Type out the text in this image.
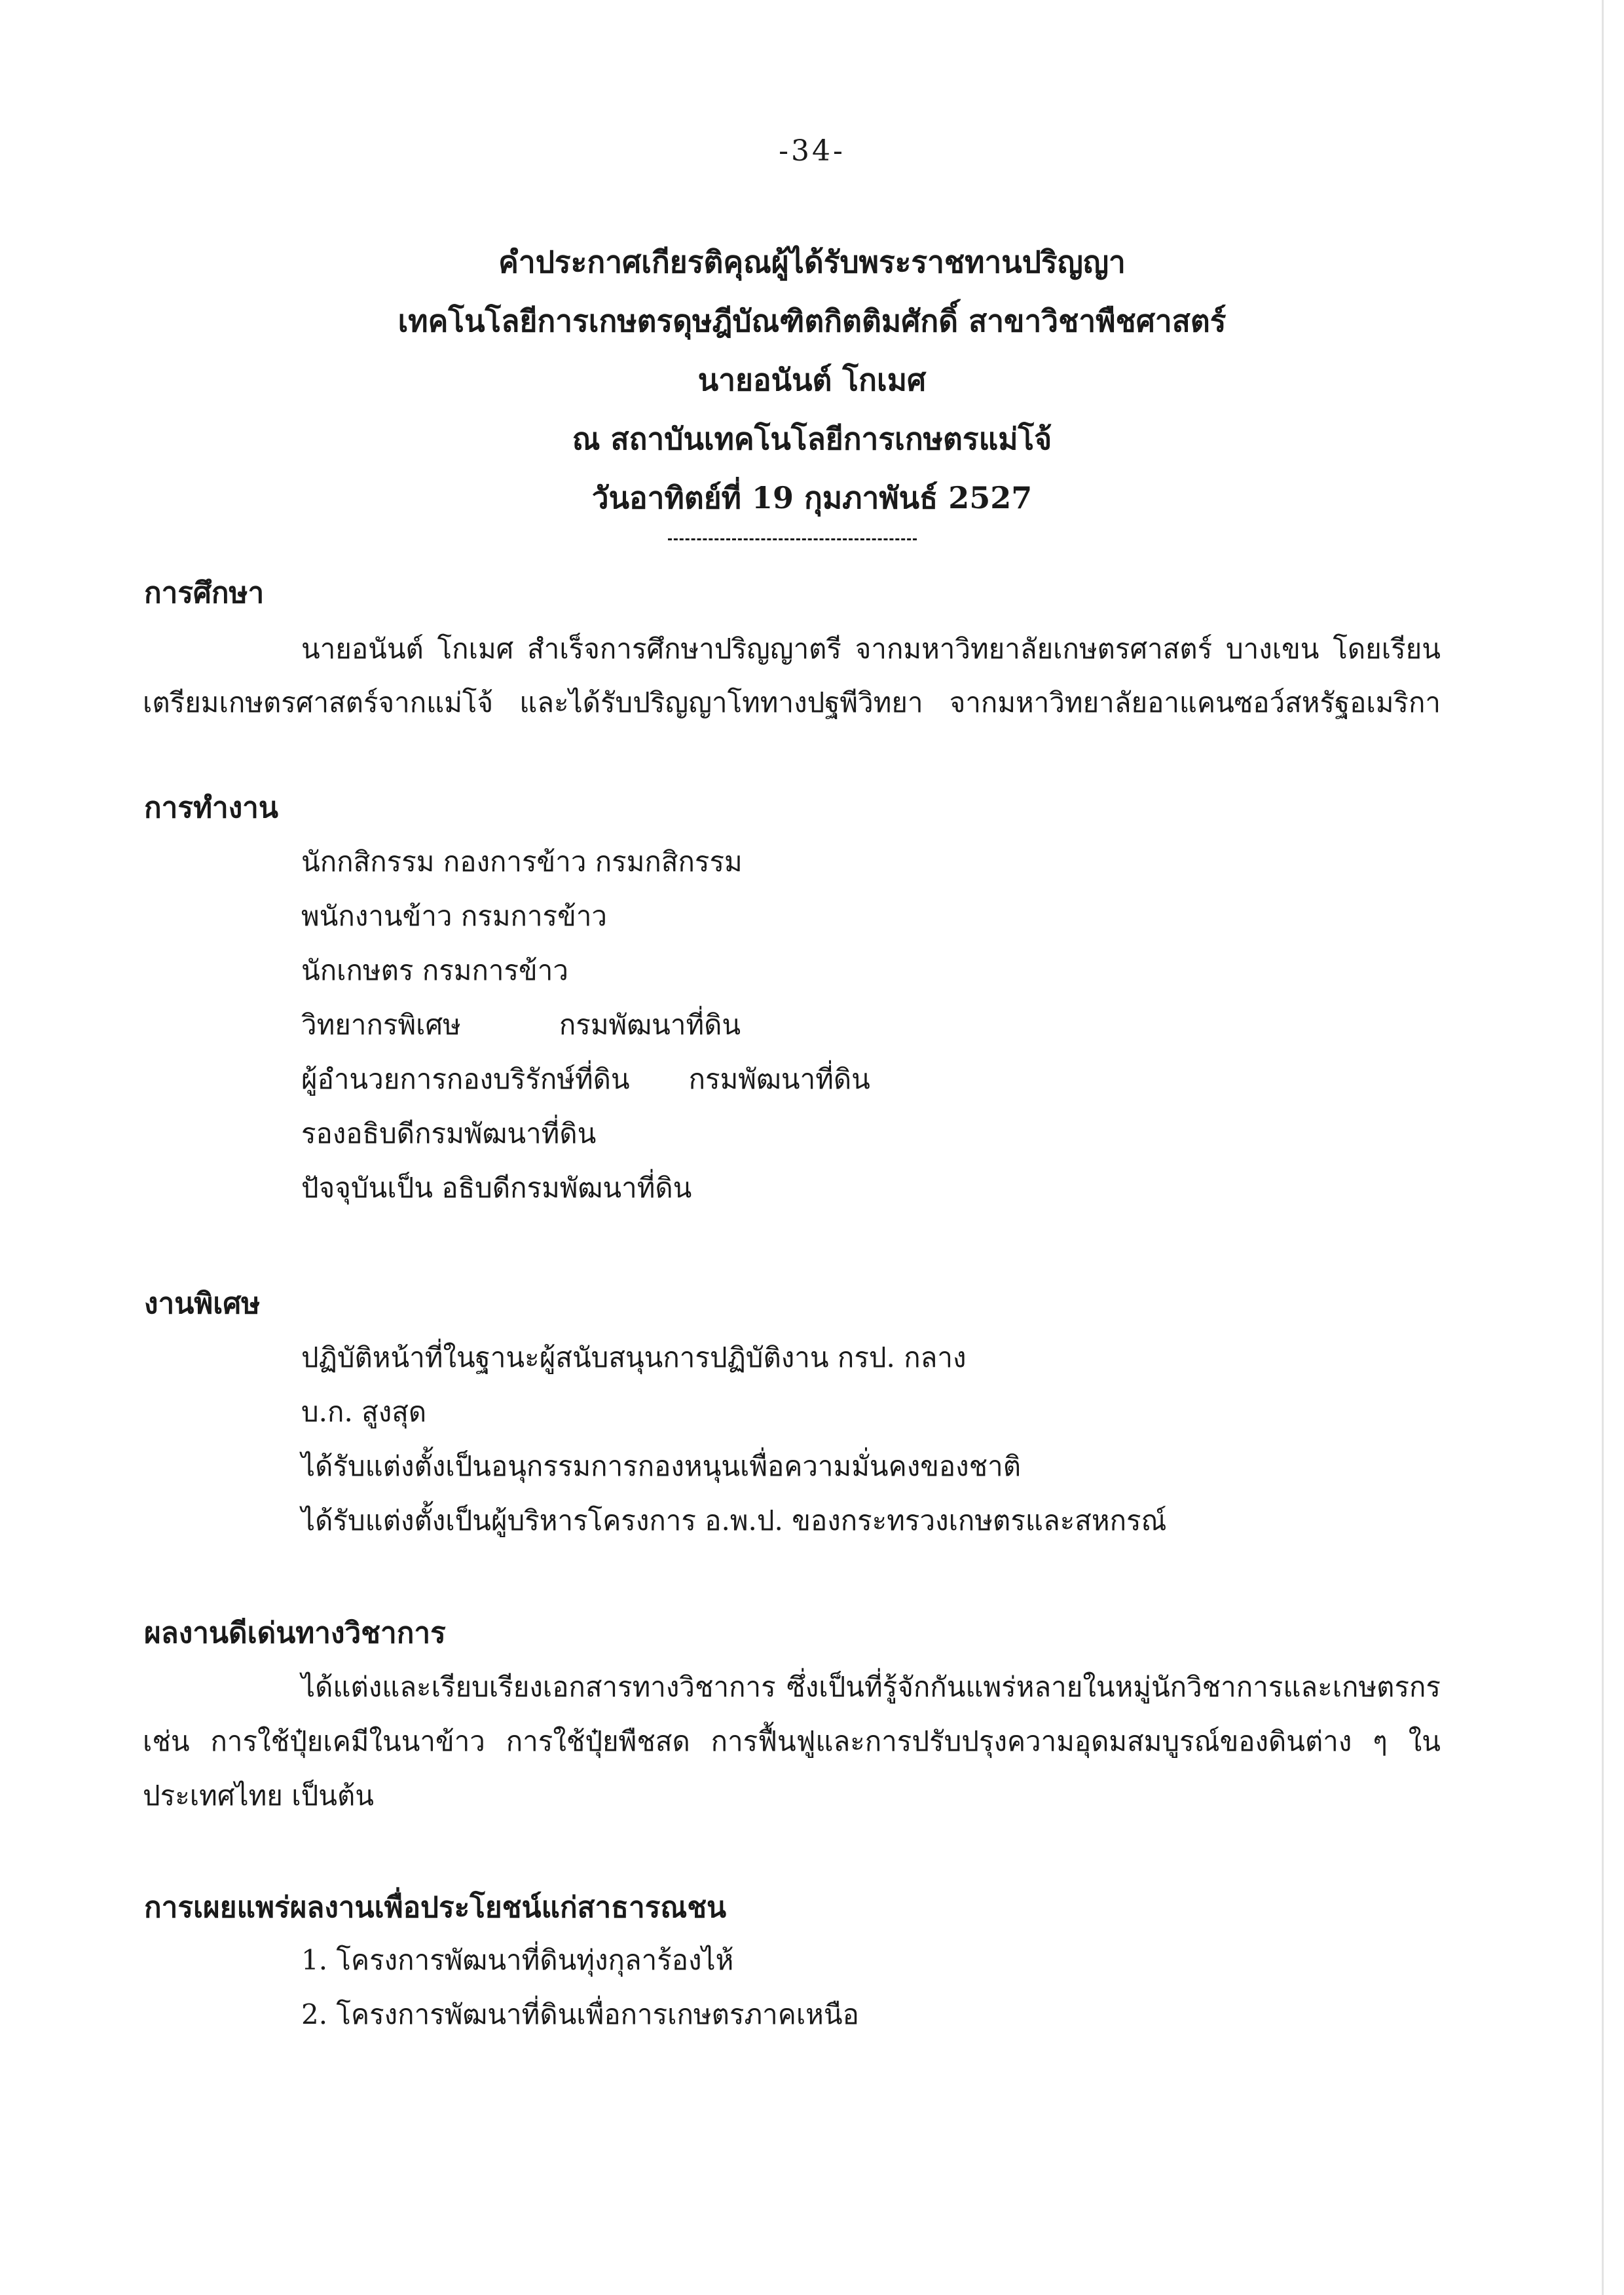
-34-
คำประกาศเกียรติคุณผู้ได้รับพระราชทานปริญญา
เทคโนโลยีการเกษตรดุษฎีบัณฑิตกิตติมศักดิ์ สาขาวิชาพืชศาสตร์
นายอนันต์ โกเมศ
ณ สถาบันเทคโนโลยีการเกษตรแม่โจ้
วันอาทิตย์ที่ 19 กุมภาพันธ์ 2527
การศึกษา
นายอนันต์ โกเมศ สำเร็จการศึกษาปริญญาตรี จากมหาวิทยาลัยเกษตรศาสตร์ บางเขน โดยเรียน
เตรียมเกษตรศาสตร์จากแม่โจ้ และได้รับปริญญาโททางปฐพีวิทยา จากมหาวิทยาลัยอาแคนซอว์สหรัฐอเมริกา
การทำงาน
นักกสิกรรม กองการข้าว กรมกสิกรรม
พนักงานข้าว กรมการข้าว
นักเกษตร กรมการข้าว
วิทยากรพิเศษ	กรมพัฒนาที่ดิน
ผู้อำนวยการกองบริรักษ์ที่ดิน กรมพัฒนาที่ดิน
รองอธิบดีกรมพัฒนาที่ดิน
ปัจจุบันเป็น อธิบดีกรมพัฒนาที่ดิน
งานพิเศษ
ปฏิบัติหน้าที่ในฐานะผู้สนับสนุนการปฏิบัติงาน กรป. กลาง
บ.ก. สูงสุด
ได้รับแต่งตั้งเป็นอนุกรรมการกองหนุนเพื่อความมั่นคงของชาติ
ได้รับแต่งตั้งเป็นผู้บริหารโครงการ อ.พ.ป. ของกระทรวงเกษตรและสหกรณ์
ผลงานดีเด่นทางวิชาการ
ได้แต่งและเรียบเรียงเอกสารทางวิชาการ ซึ่งเป็นที่รู้จักกันแพร่หลายในหมู่นักวิชาการและเกษตรกร
เช่น การใช้ปุ๋ยเคมีในนาข้าว การใช้ปุ๋ยพืชสด การฟื้นฟูและการปรับปรุงความอุดมสมบูรณ์ของดินต่าง ๆ ใน
ประเทศไทย เป็นต้น
การเผยแพร่ผลงานเพื่อประโยชน์แก่สาธารณชน
1. โครงการพัฒนาที่ดินทุ่งกุลาร้องไห้
2. โครงการพัฒนาที่ดินเพื่อการเกษตรภาคเหนือ
